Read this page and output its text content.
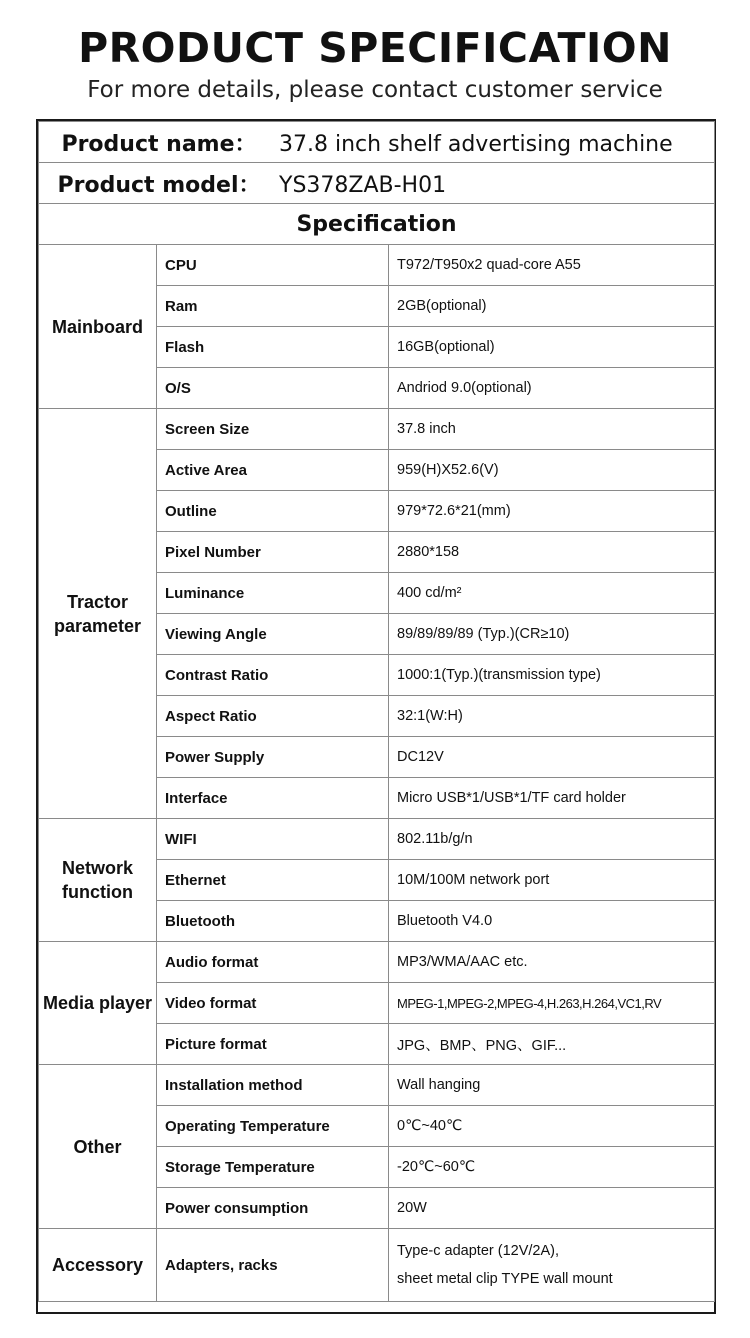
PRODUCT SPECIFICATION
For more details, please contact customer service
Product name： 37.8 inch shelf advertising machine		
Product model： YS378ZAB-H01		
Specification		
Mainboard	CPU	T972/T950x2 quad-core A55
	Ram	2GB(optional)
	Flash	16GB(optional)
	O/S	Andriod 9.0(optional)
Tractor parameter	Screen Size	37.8 inch
	Active Area	959(H)X52.6(V)
	Outline	979*72.6*21(mm)
	Pixel Number	2880*158
	Luminance	400 cd/m²
	Viewing Angle	89/89/89/89 (Typ.)(CR≥10)
	Contrast Ratio	1000:1(Typ.)(transmission type)
	Aspect Ratio	32:1(W:H)
	Power Supply	DC12V
	Interface	Micro USB*1/USB*1/TF card holder
Network function	WIFI	802.11b/g/n
	Ethernet	10M/100M network port
	Bluetooth	Bluetooth V4.0
Media player	Audio format	MP3/WMA/AAC etc.
	Video format	MPEG-1,MPEG-2,MPEG-4,H.263,H.264,VC1,RV
	Picture format	JPG、BMP、PNG、GIF...
Other	Installation method	Wall hanging
	Operating Temperature	0℃~40℃
	Storage Temperature	-20℃~60℃
	Power consumption	20W
Accessory	Adapters, racks	Type-c adapter (12V/2A),
sheet metal clip TYPE wall mount
